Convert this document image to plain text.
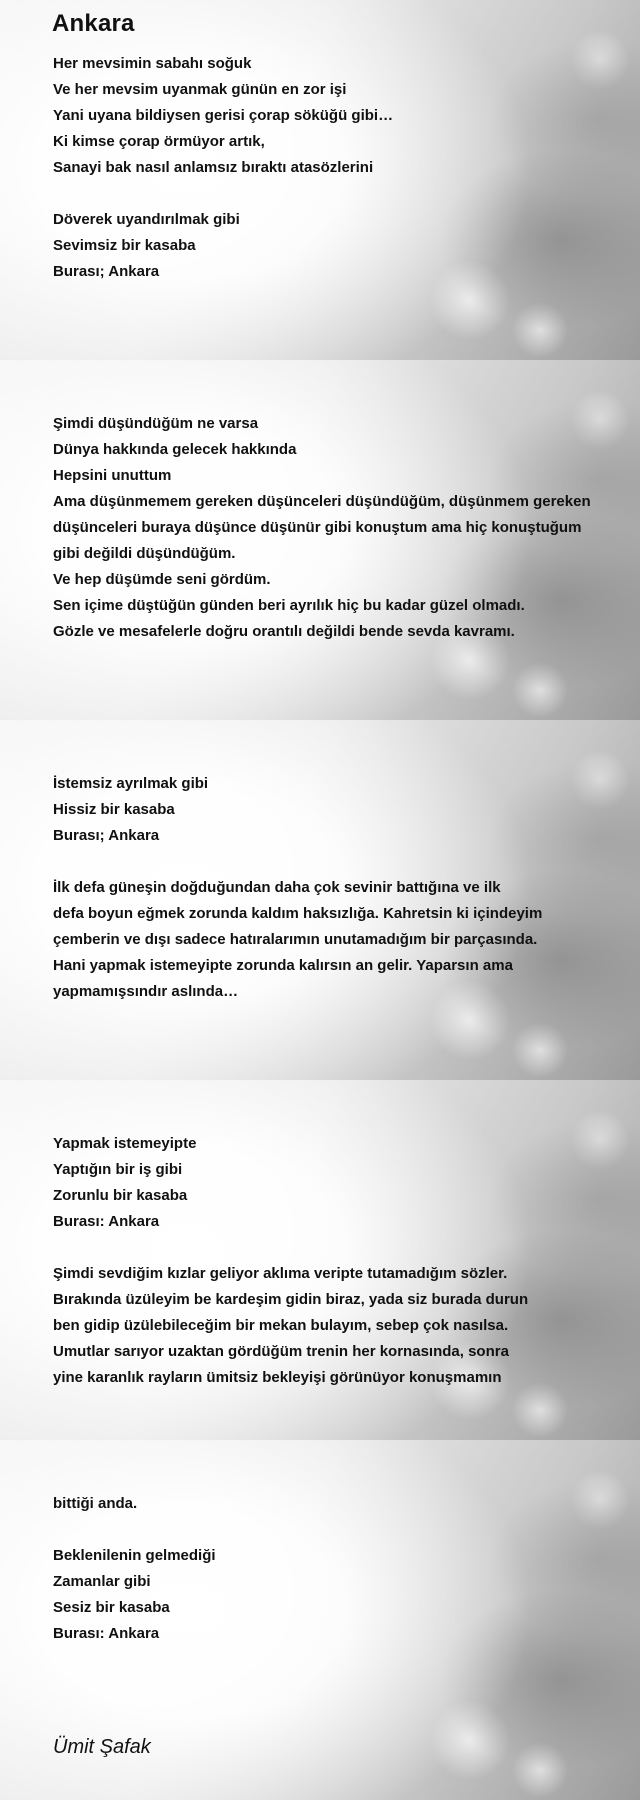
Ankara
Her mevsimin sabahı soğuk
Ve her mevsim uyanmak günün en zor işi
Yani uyana bildiysen gerisi çorap söküğü gibi…
Ki kimse çorap örmüyor artık,
Sanayi bak nasıl anlamsız bıraktı atasözlerini
Döverek uyandırılmak gibi
Sevimsiz bir kasaba
Burası; Ankara
Şimdi düşündüğüm ne varsa
Dünya hakkında gelecek hakkında
Hepsini unuttum
Ama düşünmemem gereken düşünceleri düşündüğüm, düşünmem gereken
düşünceleri buraya düşünce düşünür gibi konuştum ama hiç konuştuğum
gibi değildi düşündüğüm.
Ve hep düşümde seni gördüm.
Sen içime düştüğün günden beri ayrılık hiç bu kadar güzel olmadı.
Gözle ve mesafelerle doğru orantılı değildi bende sevda kavramı.
İstemsiz ayrılmak gibi
Hissiz bir kasaba
Burası; Ankara
İlk defa güneşin doğduğundan daha çok sevinir battığına ve ilk
defa boyun eğmek zorunda kaldım haksızlığa. Kahretsin ki içindeyim
çemberin ve dışı sadece hatıralarımın unutamadığım bir parçasında.
Hani yapmak istemeyipte zorunda kalırsın an gelir. Yaparsın ama
yapmamışsındır aslında…
Yapmak istemeyipte
Yaptığın bir iş gibi
Zorunlu bir kasaba
Burası: Ankara
Şimdi sevdiğim kızlar geliyor aklıma veripte tutamadığım sözler.
Bırakında üzüleyim be kardeşim gidin biraz, yada siz burada durun
ben gidip üzülebileceğim bir mekan bulayım, sebep çok nasılsa.
Umutlar sarıyor uzaktan gördüğüm trenin her kornasında, sonra
yine karanlık rayların ümitsiz bekleyişi görünüyor konuşmamın
bittiği anda.
Beklenilenin gelmediği
Zamanlar gibi
Sesiz bir kasaba
Burası: Ankara
Ümit Şafak
